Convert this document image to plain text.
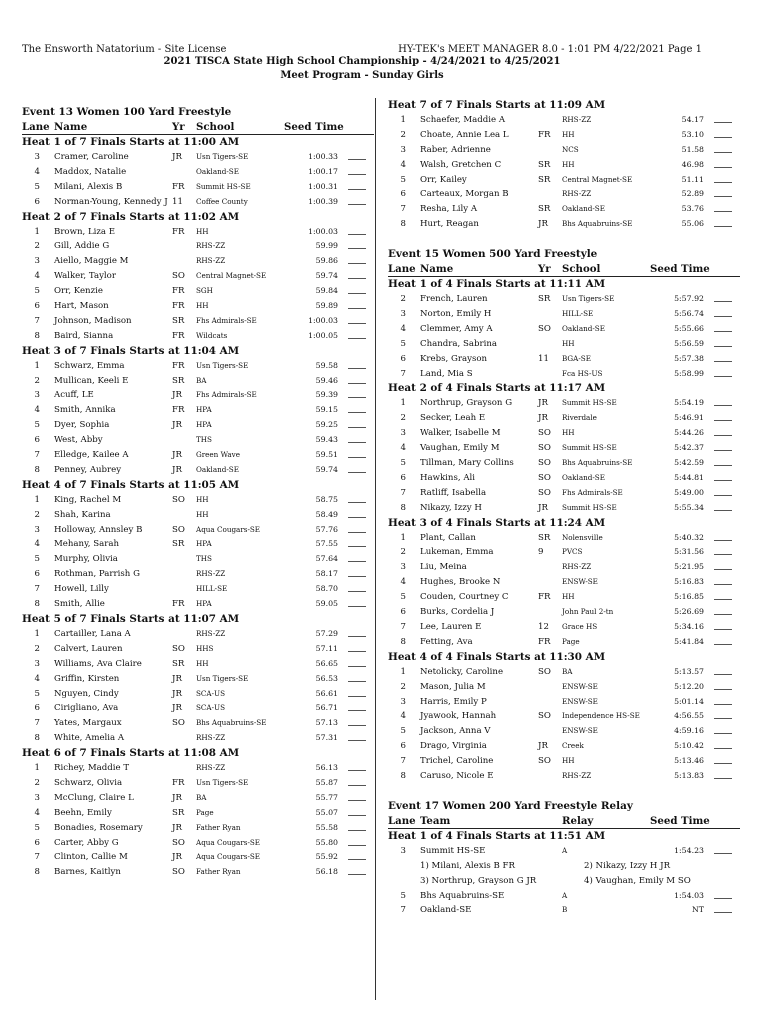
The Ensworth Natatorium - Site License	HY-TEK's MEET MANAGER 8.0 - 1:01 PM 4/22/2021 Page 1
2021 TISCA State High School Championship - 4/24/2021 to 4/25/2021
Meet Program - Sunday Girls
Event 13 Women 100 Yard Freestyle
Lane Name	Yr School	Seed Time
Heat 1 of 7 Finals Starts at 11:00 AM
3 Cramer, Caroline	JR Usn Tigers-SE	1:00.33
4 Maddox, Natalie	Oakland-SE	1:00.17
5 Milani, Alexis B	FR Summit HS-SE	1:00.31
6 Norman-Young, Kennedy J 11 Coffee County	1:00.39
Heat 2 of 7 Finals Starts at 11:02 AM
1 Brown, Liza E	FR HH	1:00.03
2 Gill, Addie G	RHS-ZZ	59.99
3 Aiello, Maggie M	RHS-ZZ	59.86
4 Walker, Taylor	SO Central Magnet-SE	59.74
5 Orr, Kenzie	FR SGH	59.84
6 Hart, Mason	FR HH	59.89
7 Johnson, Madison	SR Fhs Admirals-SE	1:00.03
8 Baird, Sianna	FR Wildcats	1:00.05
Heat 3 of 7 Finals Starts at 11:04 AM
1 Schwarz, Emma	FR Usn Tigers-SE	59.58
2 Mullican, Keeli E	SR BA	59.46
3 Acuff, LE	JR Fhs Admirals-SE	59.39
4 Smith, Annika	FR HPA	59.15
5 Dyer, Sophia	JR HPA	59.25
6 West, Abby	THS	59.43
7 Elledge, Kailee A	JR Green Wave	59.51
8 Penney, Aubrey	JR Oakland-SE	59.74
Heat 4 of 7 Finals Starts at 11:05 AM
1 King, Rachel M	SO HH	58.75
2 Shah, Karina	HH	58.49
3 Holloway, Annsley B	SO Aqua Cougars-SE	57.76
4 Mehany, Sarah	SR HPA	57.55
5 Murphy, Olivia	THS	57.64
6 Rothman, Parrish G	RHS-ZZ	58.17
7 Howell, Lilly	HILL-SE	58.70
8 Smith, Allie	FR HPA	59.05
Heat 5 of 7 Finals Starts at 11:07 AM
1 Cartailler, Lana A	RHS-ZZ	57.29
2 Calvert, Lauren	SO HHS	57.11
3 Williams, Ava Claire	SR HH	56.65
4 Griffin, Kirsten	JR Usn Tigers-SE	56.53
5 Nguyen, Cindy	JR SCA-US	56.61
6 Cirigliano, Ava	JR SCA-US	56.71
7 Yates, Margaux	SO Bhs Aquabruins-SE	57.13
8 White, Amelia A	RHS-ZZ	57.31
Heat 6 of 7 Finals Starts at 11:08 AM
1 Richey, Maddie T	RHS-ZZ	56.13
2 Schwarz, Olivia	FR Usn Tigers-SE	55.87
3 McClung, Claire L	JR BA	55.77
4 Beehn, Emily	SR Page	55.07
5 Bonadies, Rosemary	JR Father Ryan	55.58
6 Carter, Abby G	SO Aqua Cougars-SE	55.80
7 Clinton, Callie M	JR Aqua Cougars-SE	55.92
8 Barnes, Kaitlyn	SO Father Ryan	56.18
Heat 7 of 7 Finals Starts at 11:09 AM
1 Schaefer, Maddie A	RHS-ZZ	54.17
2 Choate, Annie Lea L	FR HH	53.10
3 Raber, Adrienne	NCS	51.58
4 Walsh, Gretchen C	SR HH	46.98
5 Orr, Kailey	SR Central Magnet-SE	51.11
6 Carteaux, Morgan B	RHS-ZZ	52.89
7 Resha, Lily A	SR Oakland-SE	53.76
8 Hurt, Reagan	JR Bhs Aquabruins-SE	55.06
Event 15 Women 500 Yard Freestyle
Lane Name	Yr School	Seed Time
Heat 1 of 4 Finals Starts at 11:11 AM
2 French, Lauren	SR Usn Tigers-SE	5:57.92
3 Norton, Emily H	HILL-SE	5:56.74
4 Clemmer, Amy A	SO Oakland-SE	5:55.66
5 Chandra, Sabrina	HH	5:56.59
6 Krebs, Grayson	11 BGA-SE	5:57.38
7 Land, Mia S	Fca HS-US	5:58.99
Heat 2 of 4 Finals Starts at 11:17 AM
1 Northrup, Grayson G	JR Summit HS-SE	5:54.19
2 Secker, Leah E	JR Riverdale	5:46.91
3 Walker, Isabelle M	SO HH	5:44.26
4 Vaughan, Emily M	SO Summit HS-SE	5:42.37
5 Tillman, Mary Collins	SO Bhs Aquabruins-SE	5:42.59
6 Hawkins, Ali	SO Oakland-SE	5:44.81
7 Ratliff, Isabella	SO Fhs Admirals-SE	5:49.00
8 Nikazy, Izzy H	JR Summit HS-SE	5:55.34
Heat 3 of 4 Finals Starts at 11:24 AM
1 Plant, Callan	SR Nolensville	5:40.32
2 Lukeman, Emma	9	PVCS	5:31.56
3 Liu, Meina	RHS-ZZ	5:21.95
4 Hughes, Brooke N	ENSW-SE	5:16.83
5 Couden, Courtney C	FR HH	5:16.85
6 Burks, Cordelia J	John Paul 2-tn	5:26.69
7 Lee, Lauren E	12 Grace HS	5:34.16
8 Fetting, Ava	FR Page	5:41.84
Heat 4 of 4 Finals Starts at 11:30 AM
1 Netolicky, Caroline	SO BA	5:13.57
2 Mason, Julia M	ENSW-SE	5:12.20
3 Harris, Emily P	ENSW-SE	5:01.14
4 Jyawook, Hannah	SO Independence HS-SE	4:56.55
5 Jackson, Anna V	ENSW-SE	4:59.16
6 Drago, Virginia	JR Creek	5:10.42
7 Trichel, Caroline	SO HH	5:13.46
8 Caruso, Nicole E	RHS-ZZ	5:13.83
Event 17 Women 200 Yard Freestyle Relay
Lane Team	Relay	Seed Time
Heat 1 of 4 Finals Starts at 11:51 AM
3 Summit HS-SE	A	1:54.23
1) Milani, Alexis B FR	2) Nikazy, Izzy H JR
3) Northrup, Grayson G JR	4) Vaughan, Emily M SO
5 Bhs Aquabruins-SE	A	1:54.03
7 Oakland-SE	B	NT
